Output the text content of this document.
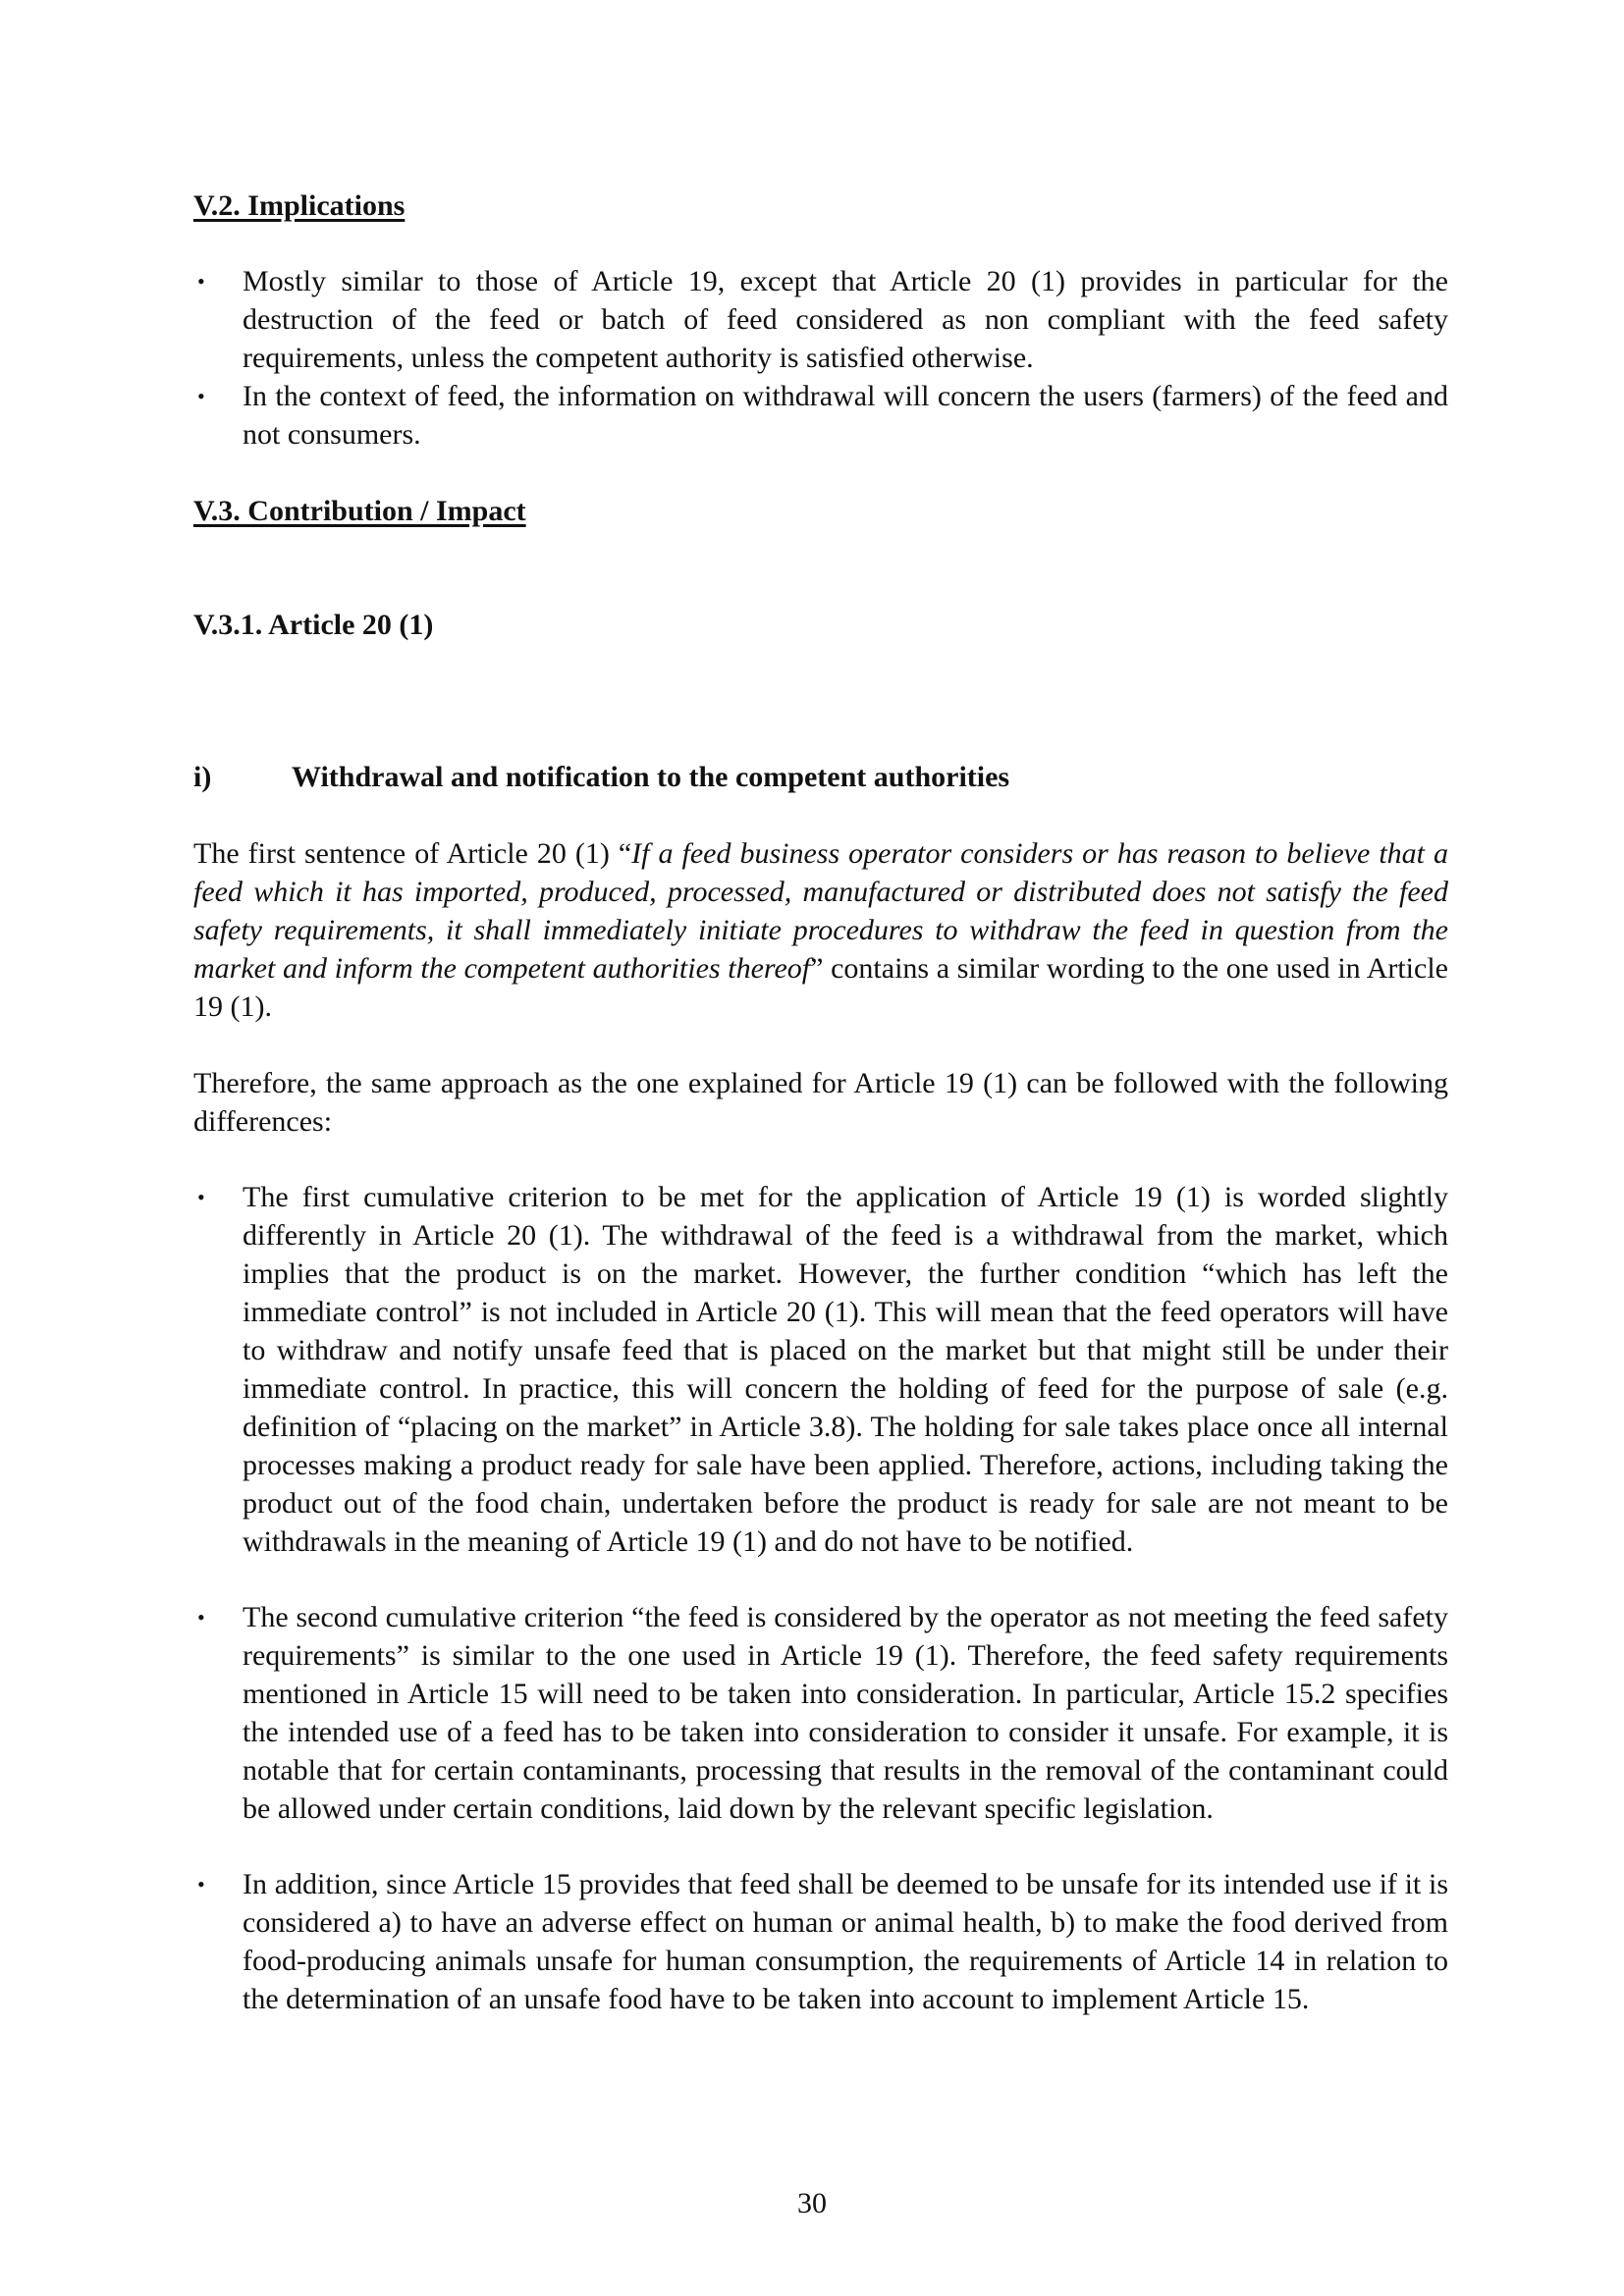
V.2. Implications
• Mostly similar to those of Article 19, except that Article 20 (1) provides in particular for the destruction of the feed or batch of feed considered as non compliant with the feed safety requirements, unless the competent authority is satisfied otherwise.
• In the context of feed, the information on withdrawal will concern the users (farmers) of the feed and not consumers.
V.3. Contribution / Impact
V.3.1. Article 20 (1)
i)	Withdrawal and notification to the competent authorities

The first sentence of Article 20 (1) “If a feed business operator considers or has reason to believe that a feed which it has imported, produced, processed, manufactured or distributed does not satisfy the feed safety requirements, it shall immediately initiate procedures to withdraw the feed in question from the market and inform the competent authorities thereof” contains a similar wording to the one used in Article 19 (1).

Therefore, the same approach as the one explained for Article 19 (1) can be followed with the following differences:

• The first cumulative criterion to be met for the application of Article 19 (1) is worded slightly differently in Article 20 (1). The withdrawal of the feed is a withdrawal from the market, which implies that the product is on the market. However, the further condition “which has left the immediate control” is not included in Article 20 (1). This will mean that the feed operators will have to withdraw and notify unsafe feed that is placed on the market but that might still be under their immediate control. In practice, this will concern the holding of feed for the purpose of sale (e.g. definition of “placing on the market” in Article 3.8). The holding for sale takes place once all internal processes making a product ready for sale have been applied. Therefore, actions, including taking the product out of the food chain, undertaken before the product is ready for sale are not meant to be withdrawals in the meaning of Article 19 (1) and do not have to be notified.
• The second cumulative criterion “the feed is considered by the operator as not meeting the feed safety requirements” is similar to the one used in Article 19 (1). Therefore, the feed safety requirements mentioned in Article 15 will need to be taken into consideration. In particular, Article 15.2 specifies the intended use of a feed has to be taken into consideration to consider it unsafe. For example, it is notable that for certain contaminants, processing that results in the removal of the contaminant could be allowed under certain conditions, laid down by the relevant specific legislation.
• In addition, since Article 15 provides that feed shall be deemed to be unsafe for its intended use if it is considered a) to have an adverse effect on human or animal health, b) to make the food derived from food-producing animals unsafe for human consumption, the requirements of Article 14 in relation to the determination of an unsafe food have to be taken into account to implement Article 15.
30
